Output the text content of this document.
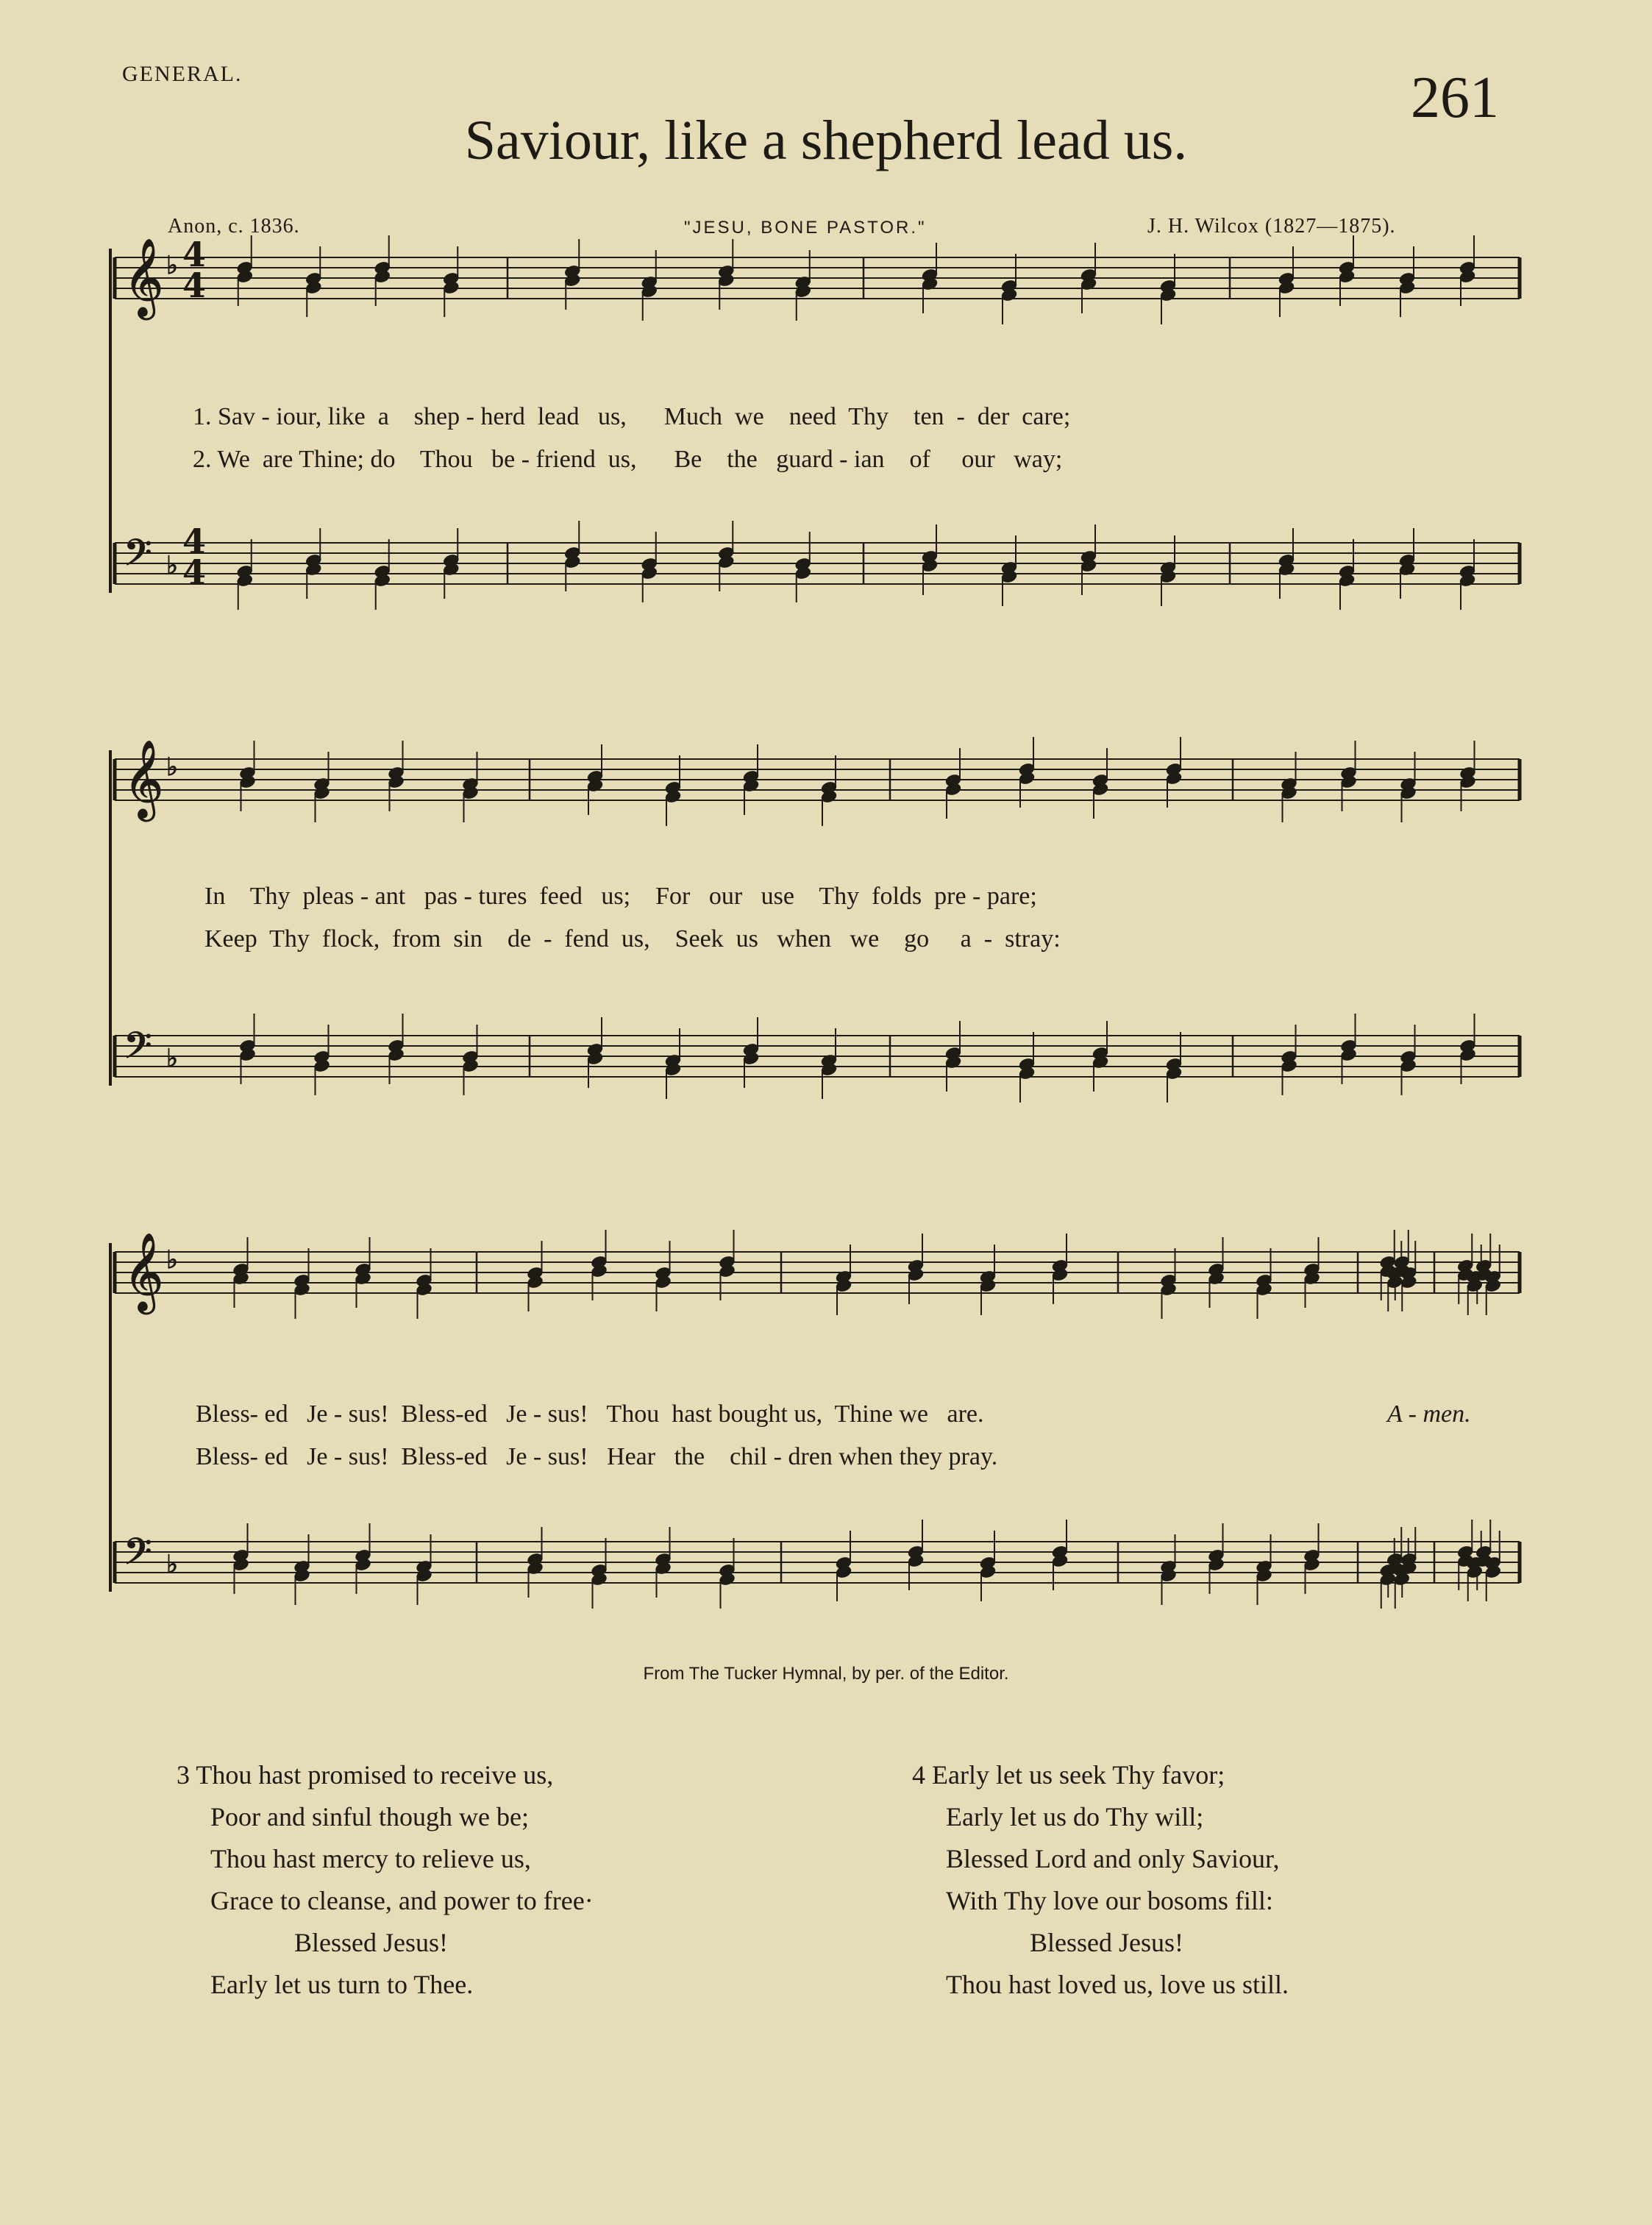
GENERAL.	261
Saviour, like a shepherd lead us.
Anon, c. 1836.	"JESU, BONE PASTOR."	J. H. Wilcox (1827—1875).
𝄞 ♭
𝄢 ♭
𝄞 ♭
𝄢 ♭
𝄞 ♭
𝄢 ♭
4
4
4
4
1. Sav - iour, like  a    shep - herd  lead   us,      Much  we    need  Thy    ten  -  der  care;
2. We  are Thine; do    Thou   be - friend  us,      Be    the   guard - ian    of     our   way;
In    Thy  pleas - ant   pas - tures  feed   us;    For   our   use    Thy  folds  pre - pare;
Keep  Thy  flock,  from  sin    de  -  fend  us,    Seek  us   when   we    go     a  -  stray:
Bless- ed   Je - sus!  Bless-ed   Je - sus!   Thou  hast bought us,  Thine we   are.
Bless- ed   Je - sus!  Bless-ed   Je - sus!   Hear   the    chil - dren when they pray.
A - men.
From The Tucker Hymnal, by per. of the Editor.
3 Thou hast promised to receive us,
Poor and sinful though we be;
Thou hast mercy to relieve us,
Grace to cleanse, and power to free·
Blessed Jesus!
Early let us turn to Thee.
4 Early let us seek Thy favor;
Early let us do Thy will;
Blessed Lord and only Saviour,
With Thy love our bosoms fill:
Blessed Jesus!
Thou hast loved us, love us still.
